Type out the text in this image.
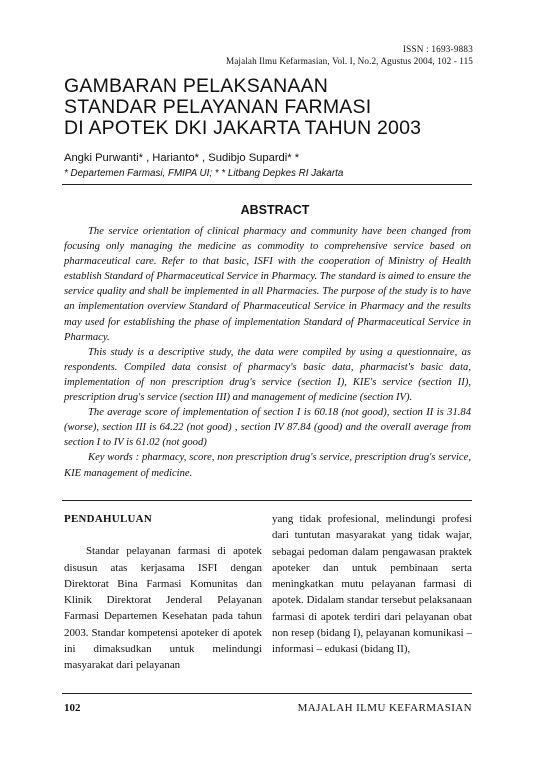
ISSN : 1693-9883
Majalah Ilmu Kefarmasian, Vol. I, No.2, Agustus 2004, 102 - 115
GAMBARAN PELAKSANAAN
STANDAR PELAYANAN FARMASI
DI APOTEK DKI JAKARTA TAHUN 2003
Angki Purwanti* , Harianto* , Sudibjo Supardi* *
* Departemen Farmasi, FMIPA UI; * * Litbang Depkes RI Jakarta
ABSTRACT

The service orientation of clinical pharmacy and community have been changed from focusing only managing the medicine as commodity to comprehensive service based on pharmaceutical care. Refer to that basic, ISFI with the cooperation of Ministry of Health establish Standard of Pharmaceutical Service in Pharmacy. The standard is aimed to ensure the service quality and shall be implemented in all Pharmacies. The purpose of the study is to have an implementation overview Standard of Pharmaceutical Service in Pharmacy and the results may used for establishing the phase of implementation Standard of Pharmaceutical Service in Pharmacy.

This study is a descriptive study, the data were compiled by using a questionnaire, as respondents. Compiled data consist of pharmacy's basic data, pharmacist's basic data, implementation of non prescription drug's service (section I), KIE's service (section II), prescription drug's service (section III) and management of medicine (section IV).

The average score of implementation of section I is 60.18 (not good), section II is 31.84 (worse), section III is 64.22 (not good) , section IV 87.84 (good) and the overall average from section I to IV is 61.02 (not good)

Key words : pharmacy, score, non prescription drug's service, prescription drug's service, KIE management of medicine.

PENDAHULUAN

Standar pelayanan farmasi di apotek disusun atas kerjasama ISFI dengan Direktorat Bina Farmasi Komunitas dan Klinik Direktorat Jenderal Pelayanan Farmasi Departemen Kesehatan pada tahun 2003. Standar kompetensi apoteker di apotek ini dimaksudkan untuk melindungi masyarakat dari pelayanan

yang tidak profesional, melindungi profesi dari tuntutan masyarakat yang tidak wajar, sebagai pedoman dalam pengawasan praktek apoteker dan untuk pembinaan serta meningkatkan mutu pelayanan farmasi di apotek. Didalam standar tersebut pelaksanaan farmasi di apotek terdiri dari pelayanan obat non resep (bidang I), pelayanan komunikasi – informasi – edukasi (bidang II),

102	MAJALAH ILMU KEFARMASIAN
